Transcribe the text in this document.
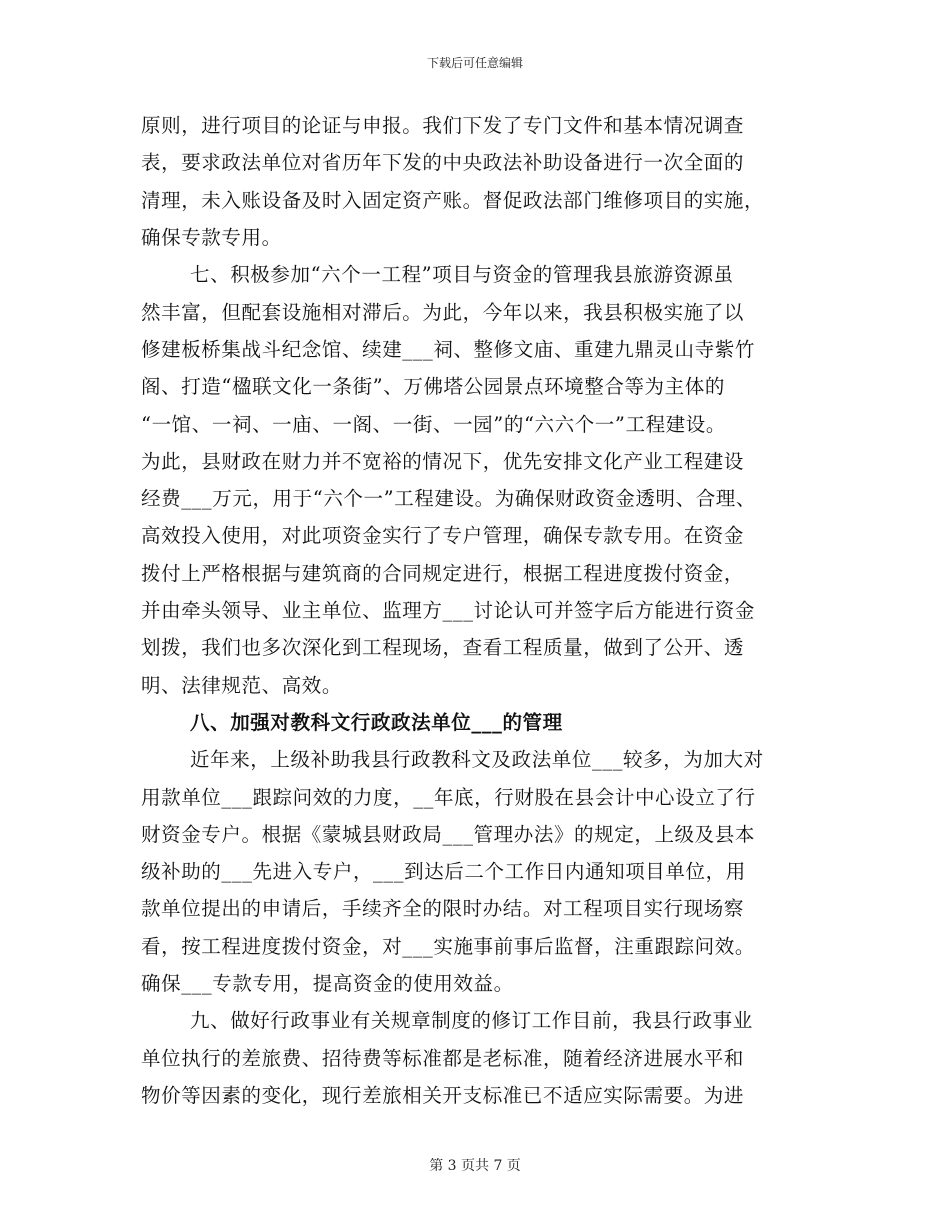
下载后可任意编辑
原则，进行项目的论证与申报。我们下发了专门文件和基本情况调查
表，要求政法单位对省历年下发的中央政法补助设备进行一次全面的
清理，未入账设备及时入固定资产账。督促政法部门维修项目的实施，
确保专款专用。
七、积极参加“六个一工程”项目与资金的管理我县旅游资源虽
然丰富，但配套设施相对滞后。为此，今年以来，我县积极实施了以
修建板桥集战斗纪念馆、续建___祠、整修文庙、重建九鼎灵山寺紫竹
阁、打造“楹联文化一条街”、万佛塔公园景点环境整合等为主体的
“一馆、一祠、一庙、一阁、一街、一园”的“六六个一”工程建设。
为此，县财政在财力并不宽裕的情况下，优先安排文化产业工程建设
经费___万元，用于“六个一”工程建设。为确保财政资金透明、合理、
高效投入使用，对此项资金实行了专户管理，确保专款专用。在资金
拨付上严格根据与建筑商的合同规定进行，根据工程进度拨付资金，
并由牵头领导、业主单位、监理方___讨论认可并签字后方能进行资金
划拨，我们也多次深化到工程现场，查看工程质量，做到了公开、透
明、法律规范、高效。
八、加强对教科文行政政法单位___的管理
近年来，上级补助我县行政教科文及政法单位___较多，为加大对
用款单位___跟踪问效的力度，__年底，行财股在县会计中心设立了行
财资金专户。根据《蒙城县财政局___管理办法》的规定，上级及县本
级补助的___先进入专户，___到达后二个工作日内通知项目单位，用
款单位提出的申请后，手续齐全的限时办结。对工程项目实行现场察
看，按工程进度拨付资金，对___实施事前事后监督，注重跟踪问效。
确保___专款专用，提高资金的使用效益。
九、做好行政事业有关规章制度的修订工作目前，我县行政事业
单位执行的差旅费、招待费等标准都是老标准，随着经济进展水平和
物价等因素的变化，现行差旅相关开支标准已不适应实际需要。为进
第 3 页共 7 页
